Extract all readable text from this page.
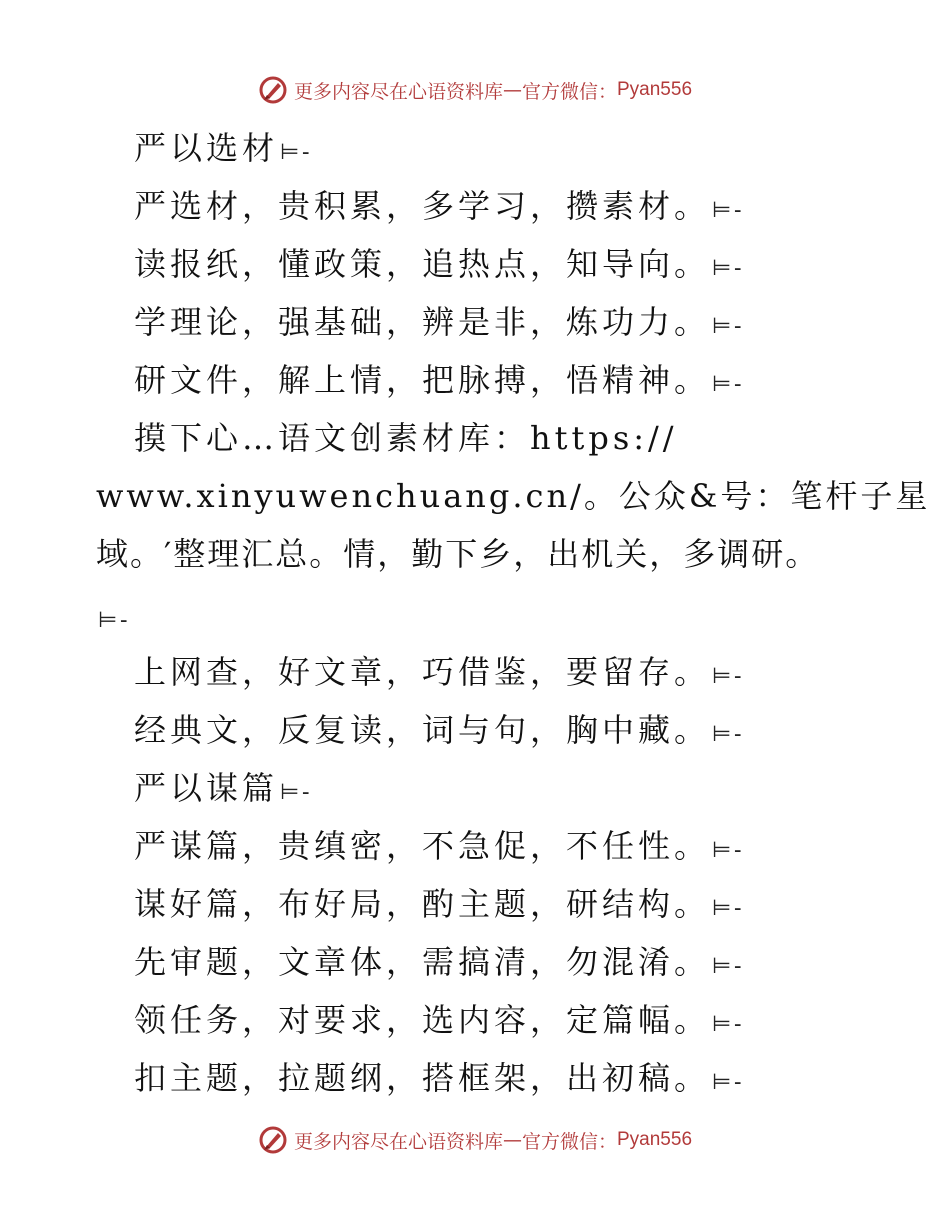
更多内容尽在心语资料库 — 官方微信： Pyan556
严以选材⊨-
严选材，贵积累，多学习，攒素材。⊨-
读报纸，懂政策，追热点，知导向。⊨-
学理论，强基础，辨是非，炼功力。⊨-
研文件，解上情，把脉搏，悟精神。⊨-
摸下心…语文创素材库：https://
www.xinyuwenchuang.cn/。公众&号：笔杆子星
域。′整理汇总。情，勤下乡，出机关，多调研。
⊨-
上网查，好文章，巧借鉴，要留存。⊨-
经典文，反复读，词与句，胸中藏。⊨-
严以谋篇⊨-
严谋篇，贵缜密，不急促，不任性。⊨-
谋好篇，布好局，酌主题，研结构。⊨-
先审题，文章体，需搞清，勿混淆。⊨-
领任务，对要求，选内容，定篇幅。⊨-
扣主题，拉题纲，搭框架，出初稿。⊨-
更多内容尽在心语资料库 — 官方微信： Pyan556
